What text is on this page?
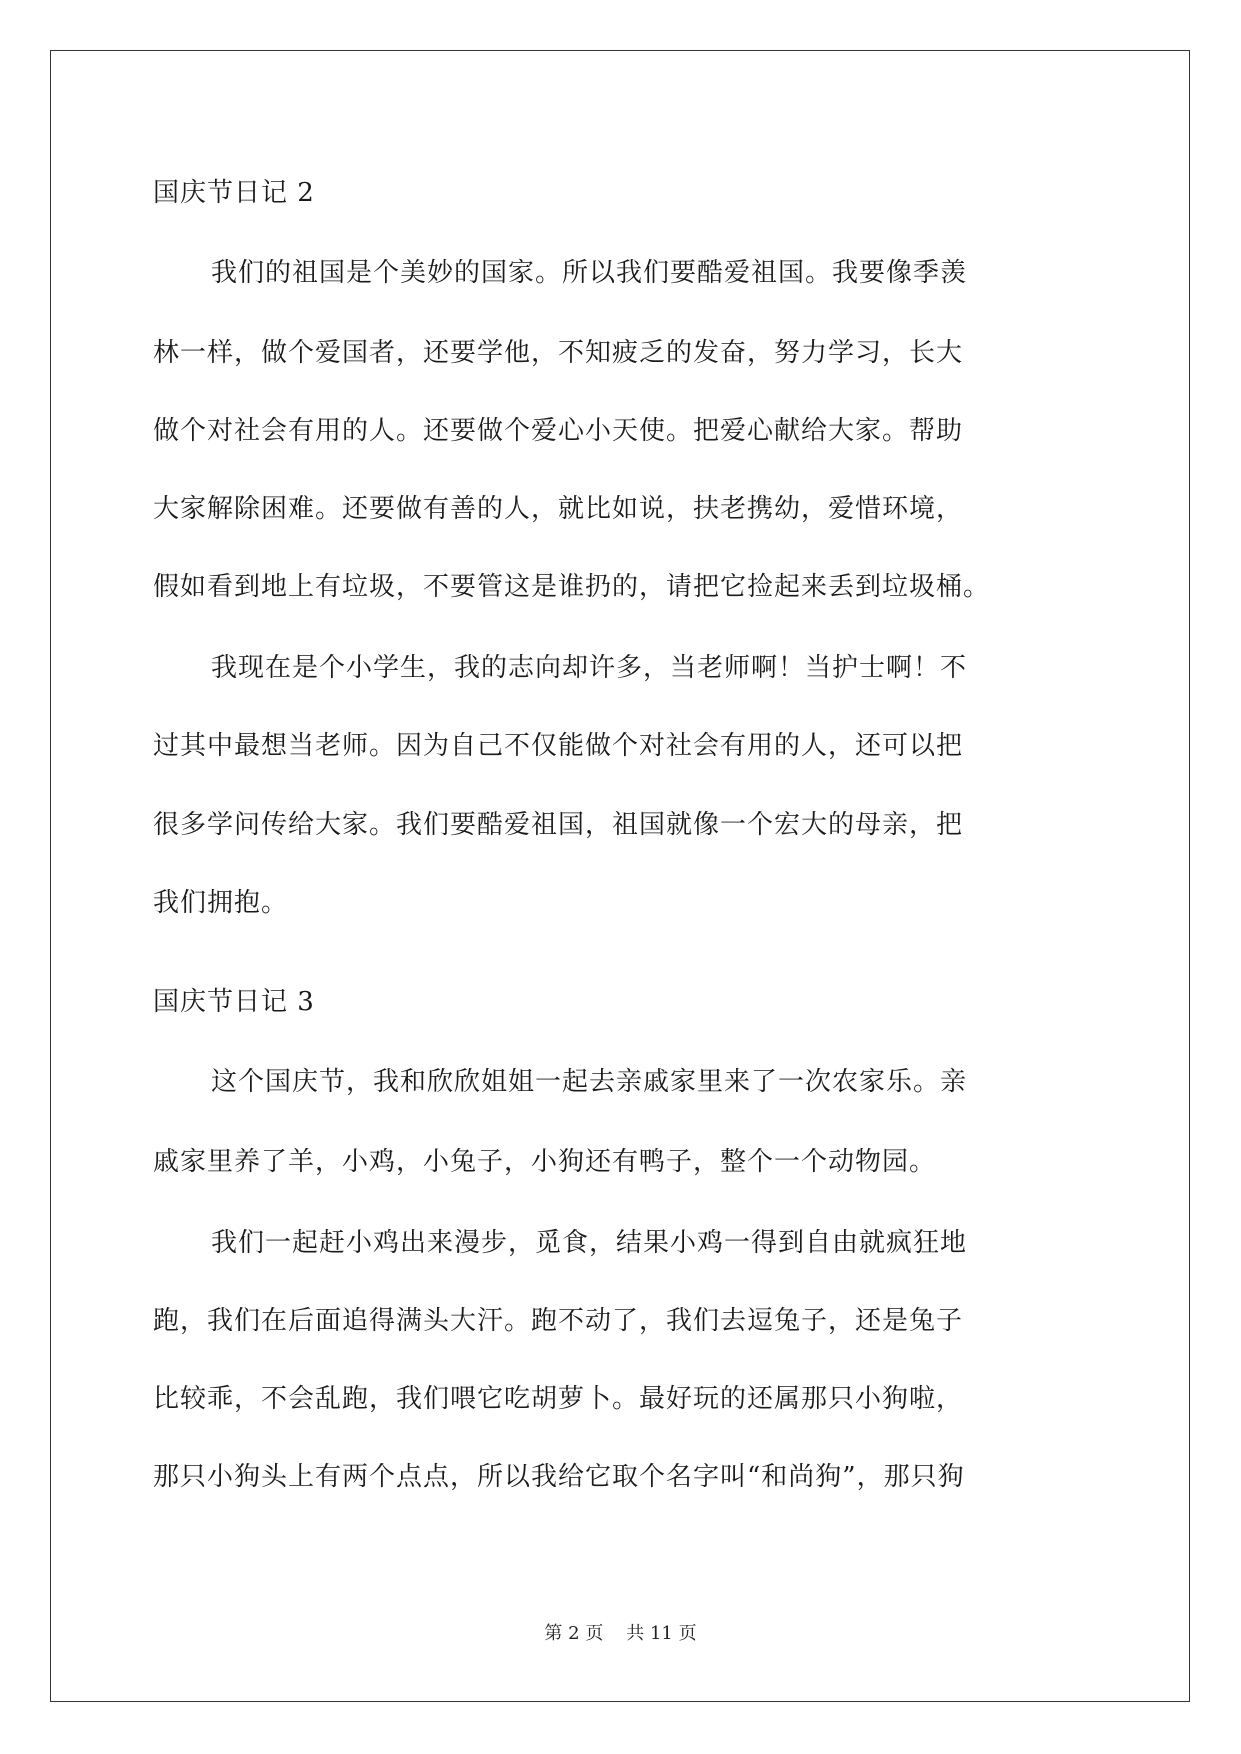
国庆节日记 2

我们的祖国是个美妙的国家。所以我们要酷爱祖国。我要像季羡

林一样，做个爱国者，还要学他，不知疲乏的发奋，努力学习，长大

做个对社会有用的人。还要做个爱心小天使。把爱心献给大家。帮助

大家解除困难。还要做有善的人，就比如说，扶老携幼，爱惜环境，

假如看到地上有垃圾，不要管这是谁扔的，请把它捡起来丢到垃圾桶。

我现在是个小学生，我的志向却许多，当老师啊！当护士啊！不

过其中最想当老师。因为自己不仅能做个对社会有用的人，还可以把

很多学问传给大家。我们要酷爱祖国，祖国就像一个宏大的母亲，把

我们拥抱。

国庆节日记 3

这个国庆节，我和欣欣姐姐一起去亲戚家里来了一次农家乐。亲

戚家里养了羊，小鸡，小兔子，小狗还有鸭子，整个一个动物园。

我们一起赶小鸡出来漫步，觅食，结果小鸡一得到自由就疯狂地

跑，我们在后面追得满头大汗。跑不动了，我们去逗兔子，还是兔子

比较乖，不会乱跑，我们喂它吃胡萝卜。最好玩的还属那只小狗啦，

那只小狗头上有两个点点，所以我给它取个名字叫“和尚狗”，那只狗

第 2 页 共 11 页
